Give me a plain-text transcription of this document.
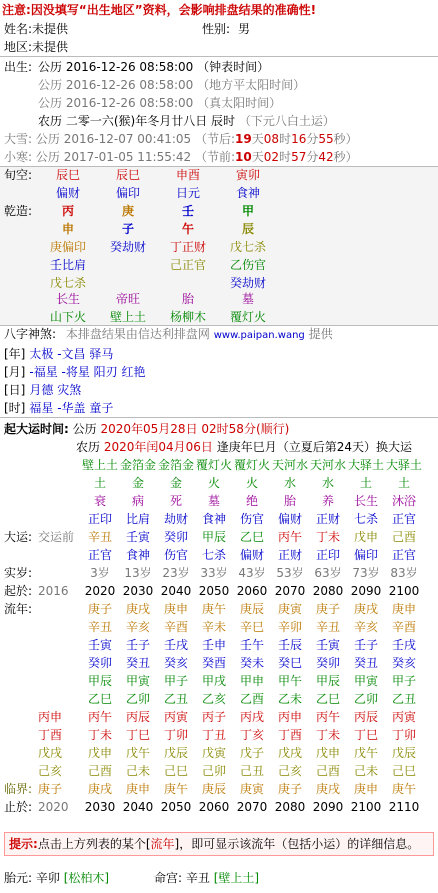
注意:因没填写“出生地区”资料，会影响排盘结果的准确性!
姓名:未提供	性别: 男
地区:未提供
出生: 公历 2016-12-26 08:58:00 （钟表时间）
公历 2016-12-26 08:58:00 （地方平太阳时间）
公历 2016-12-26 08:58:00 （真太阳时间）
农历 二零一六(猴)年冬月廿八日 辰时 （下元八白土运）
大雪: 公历 2016-12-07 00:41:05 （节后:19天08时16分55秒）
小寒: 公历 2017-01-05 11:55:42 （节前:10天02时57分42秒）
旬空:
乾造:
辰巳
偏财
丙
申
庚偏印
壬比肩
戊七杀
长生
山下火
辰巳
偏印
庚
子
癸劫财
帝旺
壁上土
申酉
日元
壬
午
丁正财
己正官
胎
杨柳木
寅卯
食神
甲
辰
戊七杀
乙伤官
癸劫财
墓
覆灯火
八字神煞: 本排盘结果由信达利排盘网 www.paipan.wang 提供
[年] 太极 -文昌 驿马
[月] -福星 -将星 阳刃 红艳
[日] 月德 灾煞
[时] 福星 -华盖 童子
起大运时间: 公历 2020年05月28日 02时58分(顺行)
农历 2020年闰04月06日 逢庚年巳月（立夏后第24天）换大运
壁上土
土
衰
正印
辛丑
正官
3岁
2020
庚子
辛丑
壬寅
癸卯
甲辰
乙巳
丙午
丁未
戊申
己酉
庚戌
2030
金箔金
金
病
比肩
壬寅
食神
13岁
2030
庚戌
辛亥
壬子
癸丑
甲寅
乙卯
丙辰
丁巳
戊午
己未
庚申
2040
金箔金
金
死
劫财
癸卯
伤官
23岁
2040
庚申
辛酉
壬戌
癸亥
甲子
乙丑
丙寅
丁卯
戊辰
己巳
庚午
2050
覆灯火
火
墓
食神
甲辰
七杀
33岁
2050
庚午
辛未
壬申
癸酉
甲戌
乙亥
丙子
丁丑
戊寅
己卯
庚辰
2060
覆灯火
火
绝
伤官
乙巳
偏财
43岁
2060
庚辰
辛巳
壬午
癸未
甲申
乙酉
丙戌
丁亥
戊子
己丑
庚寅
2070
天河水
水
胎
偏财
丙午
正财
53岁
2070
庚寅
辛卯
壬辰
癸巳
甲午
乙未
丙申
丁酉
戊戌
己亥
庚子
2080
天河水
水
养
正财
丁未
正印
63岁
2080
庚子
辛丑
壬寅
癸卯
甲辰
乙巳
丙午
丁未
戊申
己酉
庚戌
2090
大驿土
土
长生
七杀
戊申
偏印
73岁
2090
庚戌
辛亥
壬子
癸丑
甲寅
乙卯
丙辰
丁巳
戊午
己未
庚申
2100
大驿土
土
沐浴
正官
己酉
正官
83岁
2100
庚申
辛酉
壬戌
癸亥
甲子
乙丑
丙寅
丁卯
戊辰
己巳
庚午
2110
大运: 交运前
实岁:
起於: 2016
流年:
丙申
丁酉
戊戌
己亥
临界: 庚子
止於: 2020
提示:点击上方列表的某个[流年]，即可显示该流年（包括小运）的详细信息。
胎元: 辛卯 [松柏木]	命宫: 辛丑 [壁上土]
